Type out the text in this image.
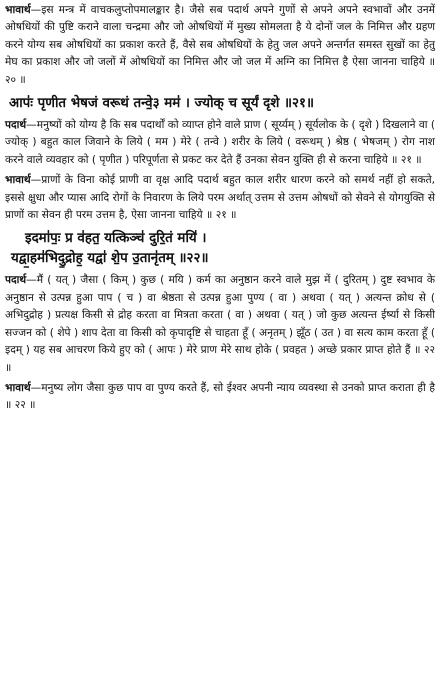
भावार्थ—इस मन्त्र में वाचकलुप्तोपमालङ्कार है। जैसे सब पदार्थ अपने गुणों से अपने अपने स्वभावों और उनमें ओषधियों की पुष्टि कराने वाला चन्द्रमा और जो ओषधियों में मुख्य सोमलता है ये दोनों जल के निमित्त और ग्रहण करने योग्य सब ओषधियों का प्रकाश करते हैं, वैसे सब ओषधियों के हेतु जल अपने अन्तर्गत समस्त सुखों का हेतु मेघ का प्रकाश और जो जलों में ओषधियों का निमित्त और जो जल में अग्नि का निमित्त है ऐसा जानना चाहिये ॥ २० ॥

आपः॑ पृणीत भेषजं वरूथं तन्वे॒३ मम॑ । ज्योक् च सूर्यं दृशे ॥२१॥

पदार्थ—मनुष्यों को योग्य है कि सब पदार्थों को व्याप्त होने वाले प्राण ( सूर्य्यम् ) सूर्यलोक के ( दृशे ) दिखलाने वा ( ज्योक् ) बहुत काल जिवाने के लिये ( मम ) मेरे ( तन्वे ) शरीर के लिये ( वरूथम् ) श्रेष्ठ ( भेषजम् ) रोग नाश करने वाले व्यवहार को ( पृणीत ) परिपूर्णता से प्रकट कर देते हैं उनका सेवन युक्ति ही से करना चाहिये ॥ २१ ॥

भावार्थ—प्राणों के विना कोई प्राणी वा वृक्ष आदि पदार्थ बहुत काल शरीर धारण करने को समर्थ नहीं हो सकते, इससे क्षुधा और प्यास आदि रोगों के निवारण के लिये परम अर्थात् उत्तम से उत्तम ओषधों को सेवने से योगयुक्ति से प्राणों का सेवन ही परम उत्तम है, ऐसा जानना चाहिये ॥ २१ ॥

इदमा॑पः॒ प्र व॑हत॒ यत्किञ्च॑ दुरि॒तं मयि॑ ।

यद्वा॒हम॑भिदु॒द्रोह॒ यद्वा॑ शे॒प उ॒तानृ॑तम् ॥२२॥

पदार्थ—मैं ( यत् ) जैसा ( किम् ) कुछ ( मयि ) कर्म का अनुष्ठान करने वाले मुझ में ( दुरितम् ) दुष्ट स्वभाव के अनुष्ठान से उत्पन्न हुआ पाप ( च ) वा श्रेष्ठता से उत्पन्न हुआ पुण्य ( वा ) अथवा ( यत् ) अत्यन्त क्रोध से ( अभिदुद्रोह ) प्रत्यक्ष किसी से द्रोह करता वा मित्रता करता ( वा ) अथवा ( यत् ) जो कुछ अत्यन्त ईर्ष्या से किसी सज्जन को ( शेपे ) शाप देता वा किसी को कृपादृष्टि से चाहता हूँ ( अनृतम् ) झूँठ ( उत ) वा सत्य काम करता हूँ ( इदम् ) यह सब आचरण किये हुए को ( आपः ) मेरे प्राण मेरे साथ होके ( प्रवहत ) अच्छे प्रकार प्राप्त होते हैं ॥ २२ ॥

भावार्थ—मनुष्य लोग जैसा कुछ पाप वा पुण्य करते हैं, सो ईश्वर अपनी न्याय व्यवस्था से उनको प्राप्त कराता ही है ॥ २२ ॥
